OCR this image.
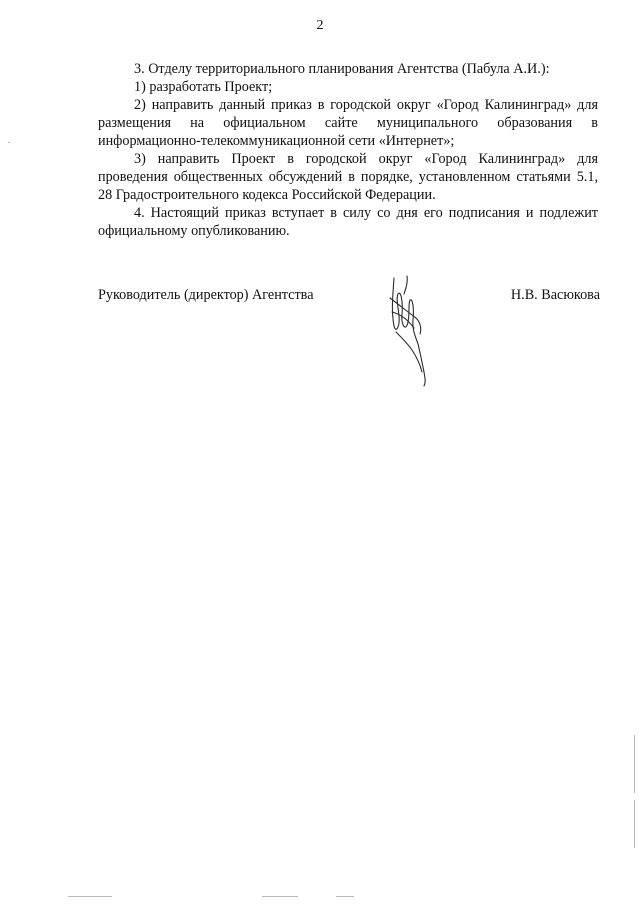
2

3. Отделу территориального планирования Агентства (Пабула А.И.):

1) разработать Проект;

2) направить данный приказ в городской округ «Город Калининград» для размещения на официальном сайте муниципального образования в информационно-телекоммуникационной сети «Интернет»;

3) направить Проект в городской округ «Город Калининград» для проведения общественных обсуждений в порядке, установленном статьями 5.1, 28 Градостроительного кодекса Российской Федерации.

4. Настоящий приказ вступает в силу со дня его подписания и подлежит официальному опубликованию.

Руководитель (директор) Агентства	Н.В. Васюкова
